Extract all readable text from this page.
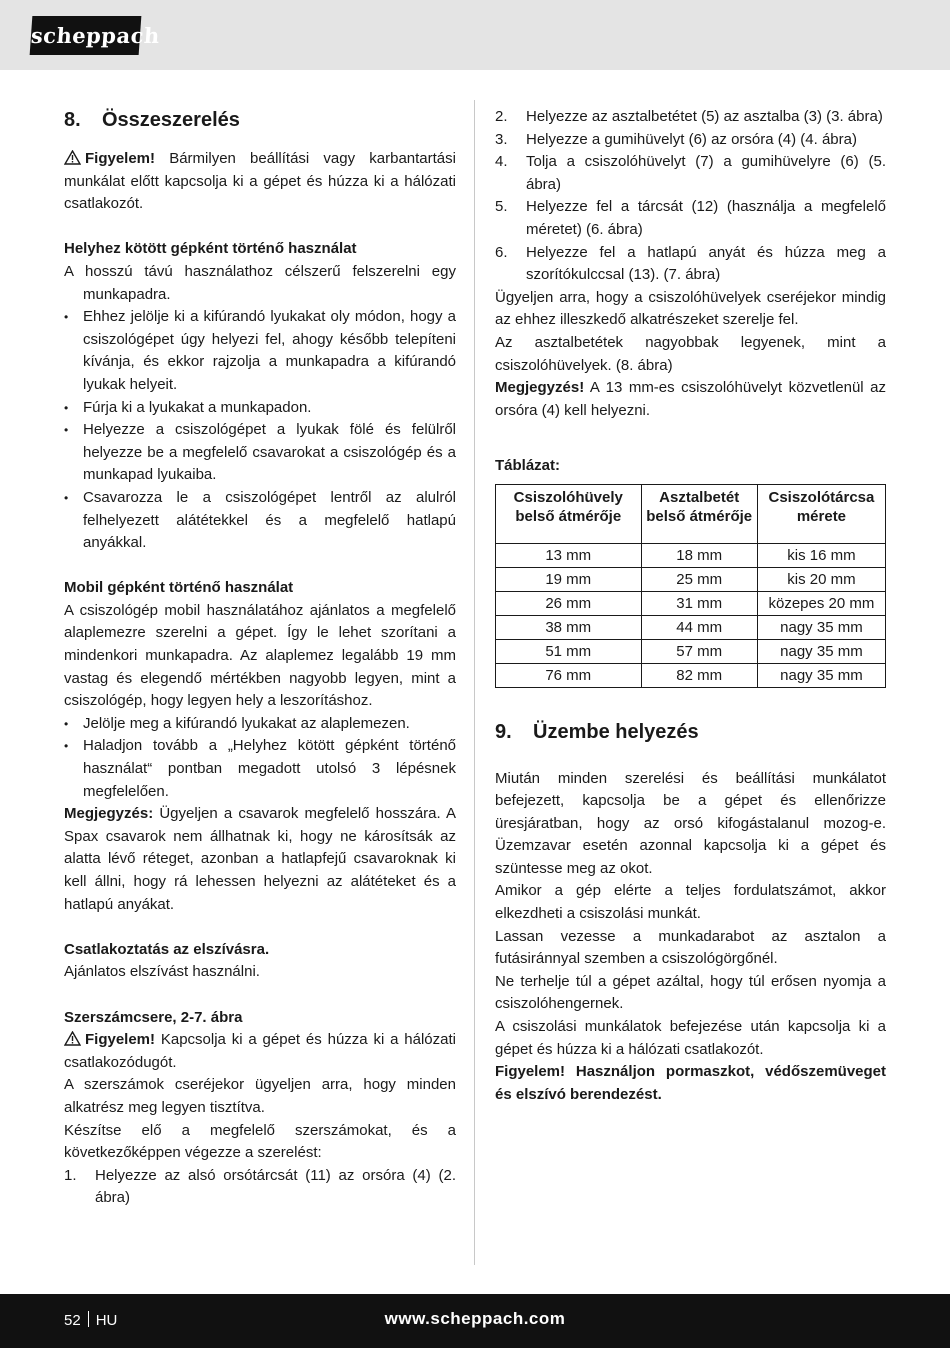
scheppach
8. Összeszerelés

Figyelem! Bármilyen beállítási vagy karbantartási munkálat előtt kapcsolja ki a gépet és húzza ki a hálózati csatlakozót.

Helyhez kötött gépként történő használat

A hosszú távú használathoz célszerű felszerelni egy munkapadra.

• Ehhez jelölje ki a kifúrandó lyukakat oly módon, hogy a csiszológépet úgy helyezi fel, ahogy később telepíteni kívánja, és ekkor rajzolja a munkapadra a kifúrandó lyukak helyeit.
• Fúrja ki a lyukakat a munkapadon.
• Helyezze a csiszológépet a lyukak fölé és felülről helyezze be a megfelelő csavarokat a csiszológép és a munkapad lyukaiba.
• Csavarozza le a csiszológépet lentről az alulról felhelyezett alátétekkel és a megfelelő hatlapú anyákkal.

Mobil gépként történő használat

A csiszológép mobil használatához ajánlatos a megfelelő alaplemezre szerelni a gépet. Így le lehet szorítani a mindenkori munkapadra. Az alaplemez legalább 19 mm vastag és elegendő mértékben nagyobb legyen, mint a csiszológép, hogy legyen hely a leszorításhoz.

• Jelölje meg a kifúrandó lyukakat az alaplemezen.
• Haladjon tovább a „Helyhez kötött gépként történő használat“ pontban megadott utolsó 3 lépésnek megfelelően.

Megjegyzés: Ügyeljen a csavarok megfelelő hosszára. A Spax csavarok nem állhatnak ki, hogy ne károsítsák az alatta lévő réteget, azonban a hatlapfejű csavaroknak ki kell állni, hogy rá lehessen helyezni az alátéteket és a hatlapú anyákat.

Csatlakoztatás az elszívásra.

Ajánlatos elszívást használni.

Szerszámcsere, 2-7. ábra

Figyelem! Kapcsolja ki a gépet és húzza ki a hálózati csatlakozódugót.

A szerszámok cseréjekor ügyeljen arra, hogy minden alkatrész meg legyen tisztítva.

Készítse elő a megfelelő szerszámokat, és a következőképpen végezze a szerelést:

1. Helyezze az alsó orsótárcsát (11) az orsóra (4) (2. ábra)
2. Helyezze az asztalbetétet (5) az asztalba (3) (3. ábra)
3. Helyezze a gumihüvelyt (6) az orsóra (4) (4. ábra)
4. Tolja a csiszolóhüvelyt (7) a gumihüvelyre (6) (5. ábra)
5. Helyezze fel a tárcsát (12) (használja a megfelelő méretet) (6. ábra)
6. Helyezze fel a hatlapú anyát és húzza meg a szorítókulccsal (13). (7. ábra)

Ügyeljen arra, hogy a csiszolóhüvelyek cseréjekor mindig az ehhez illeszkedő alkatrészeket szerelje fel.

Az asztalbetétek nagyobbak legyenek, mint a csiszolóhüvelyek. (8. ábra)

Megjegyzés! A 13 mm-es csiszolóhüvelyt közvetlenül az orsóra (4) kell helyezni.

Táblázat:

Csiszolóhüvely belső átmérője	Asztalbetét belső átmérője	Csiszolótárcsa mérete
13 mm	18 mm	kis 16 mm
19 mm	25 mm	kis 20 mm
26 mm	31 mm	közepes 20 mm
38 mm	44 mm	nagy 35 mm
51 mm	57 mm	nagy 35 mm
76 mm	82 mm	nagy 35 mm
9. Üzembe helyezés

Miután minden szerelési és beállítási munkálatot befejezett, kapcsolja be a gépet és ellenőrizze üresjáratban, hogy az orsó kifogástalanul mozog-e. Üzemzavar esetén azonnal kapcsolja ki a gépet és szüntesse meg az okot.

Amikor a gép elérte a teljes fordulatszámot, akkor elkezdheti a csiszolási munkát.

Lassan vezesse a munkadarabot az asztalon a futásiránnyal szemben a csiszológörgőnél.

Ne terhelje túl a gépet azáltal, hogy túl erősen nyomja a csiszolóhengernek.

A csiszolási munkálatok befejezése után kapcsolja ki a gépet és húzza ki a hálózati csatlakozót.

Figyelem! Használjon pormaszkot, védőszemüveget és elszívó berendezést.

52 HU	www.scheppach.com
